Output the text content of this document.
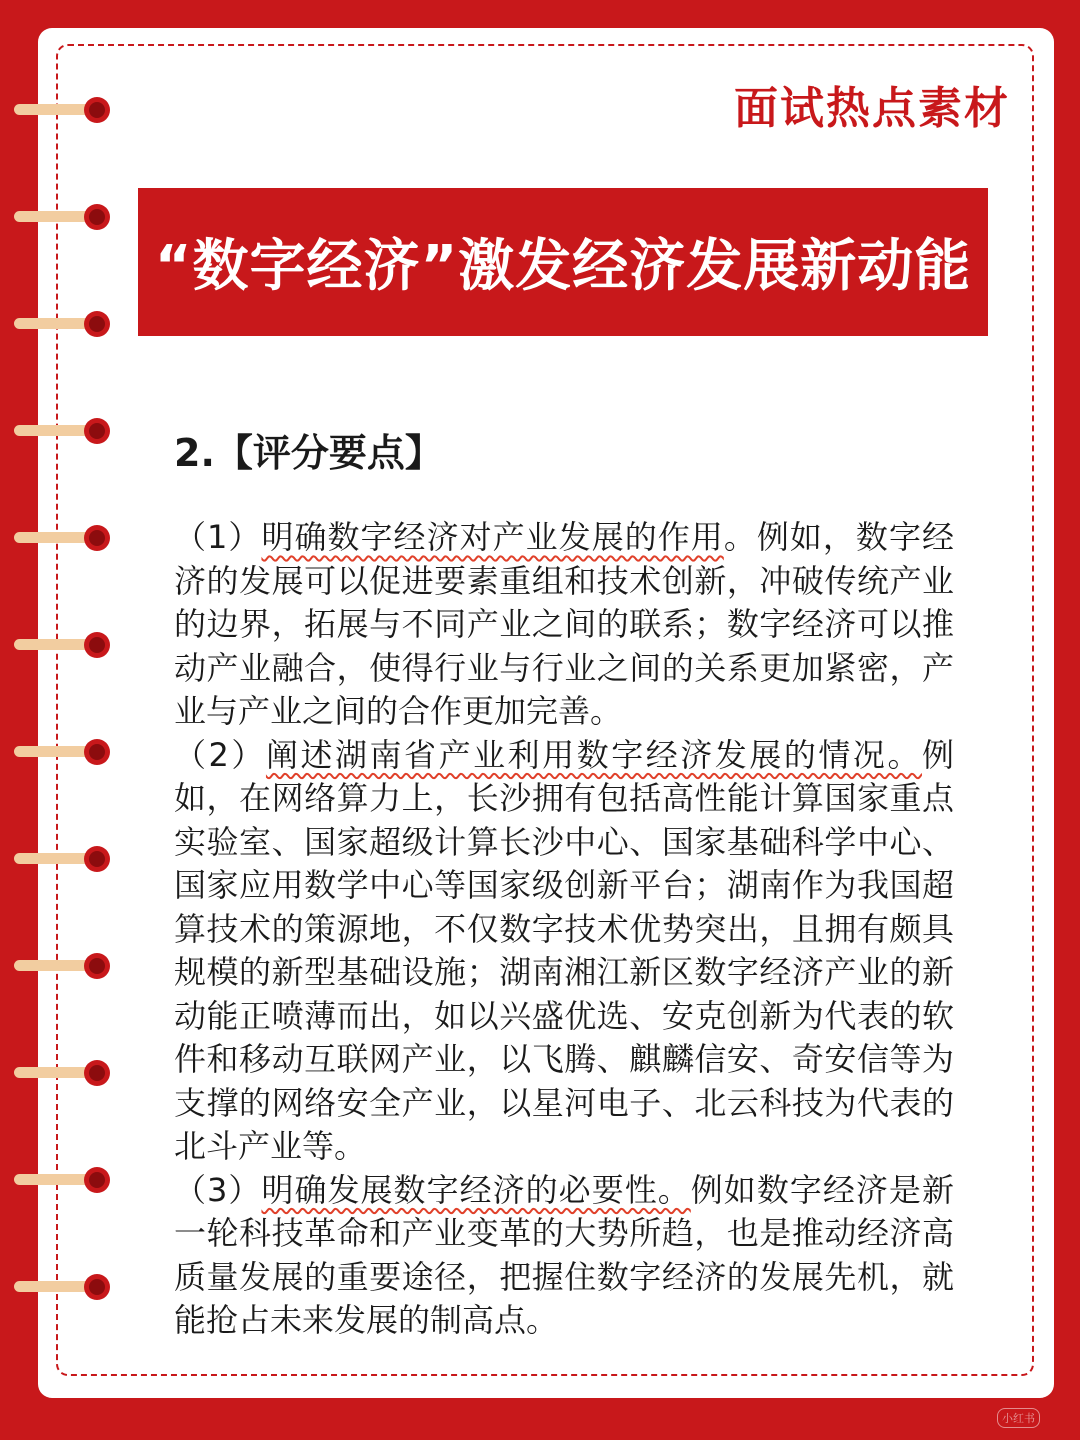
面试热点素材
“数字经济”激发经济发展新动能
2.【评分要点】

（1）明确数字经济对产业发展的作用。例如，数字经济的发展可以促进要素重组和技术创新，冲破传统产业的边界，拓展与不同产业之间的联系；数字经济可以推动产业融合，使得行业与行业之间的关系更加紧密，产业与产业之间的合作更加完善。

（2）阐述湖南省产业利用数字经济发展的情况。例如，在网络算力上，长沙拥有包括高性能计算国家重点实验室、国家超级计算长沙中心、国家基础科学中心、国家应用数学中心等国家级创新平台；湖南作为我国超算技术的策源地，不仅数字技术优势突出，且拥有颇具规模的新型基础设施；湖南湘江新区数字经济产业的新动能正喷薄而出，如以兴盛优选、安克创新为代表的软件和移动互联网产业，以飞腾、麒麟信安、奇安信等为支撑的网络安全产业，以星河电子、北云科技为代表的北斗产业等。

（3）明确发展数字经济的必要性。例如数字经济是新一轮科技革命和产业变革的大势所趋，也是推动经济高质量发展的重要途径，把握住数字经济的发展先机，就能抢占未来发展的制高点。

小红书
